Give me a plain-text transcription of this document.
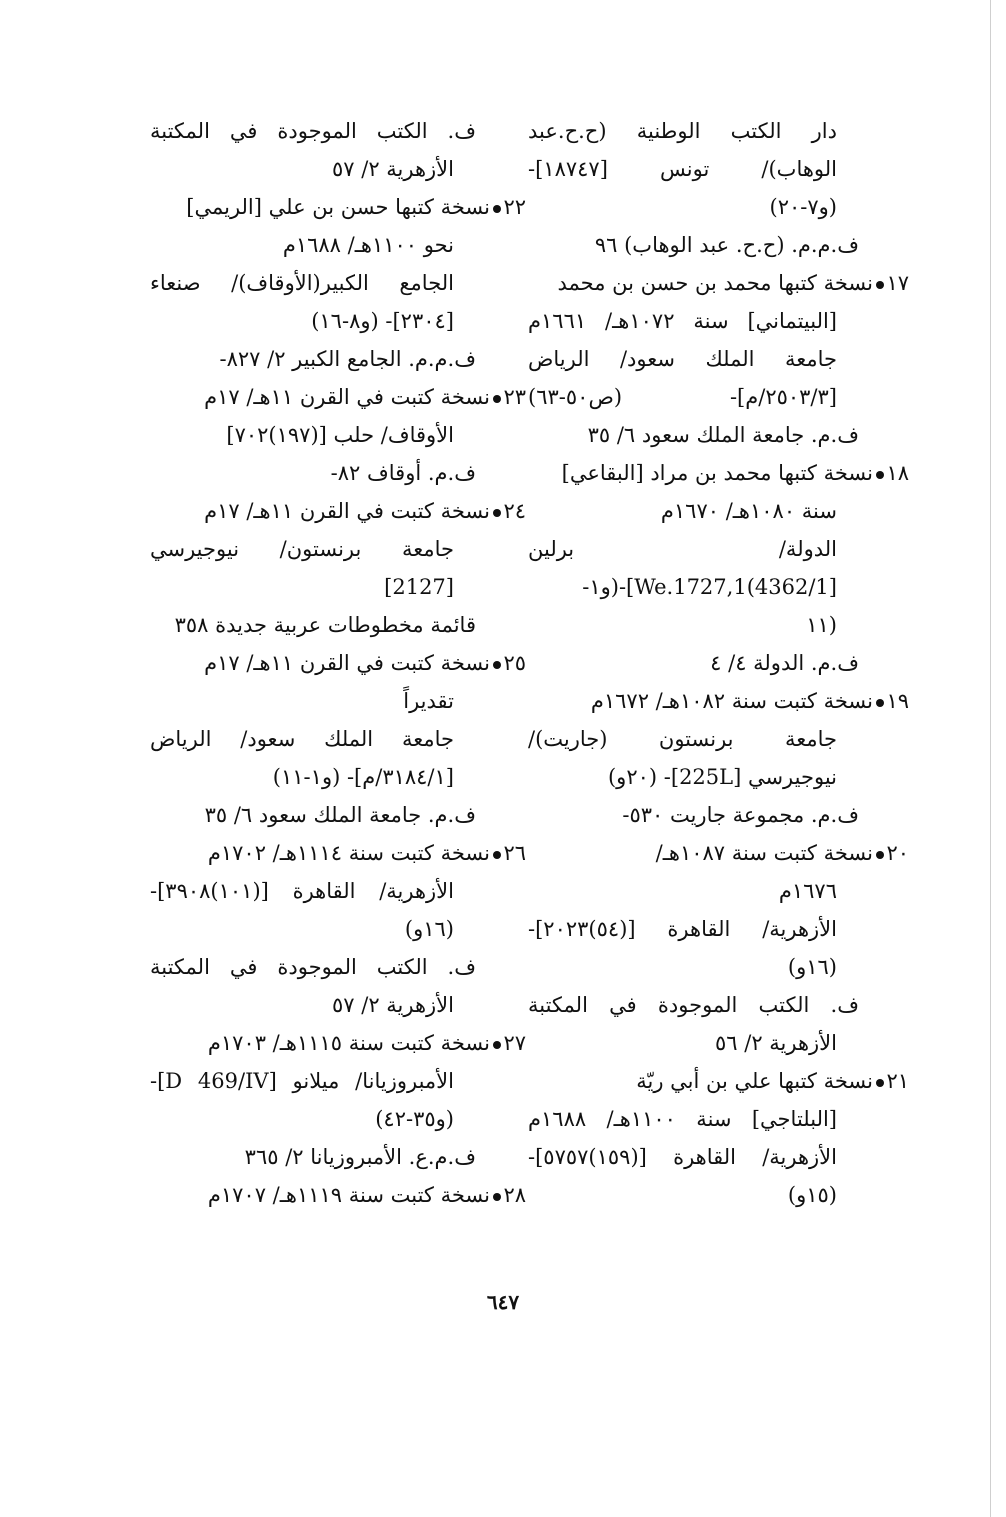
دار الكتب الوطنية (ح.ح.عبد
الوهاب)/ تونس [١٨٧٤٧]-
(و٧-٢٠)
ف.م.م. (ح.ح. عبد الوهاب) ٩٦
١٧نسخة كتبها محمد بن حسن بن محمد
[البيتماني] سنة ١٠٧٢هـ/ ١٦٦١م
جامعة الملك سعود/ الرياض
[٢٥٠٣/٣/م]- (ص٥٠-٦٣)
ف.م. جامعة الملك سعود ٦/ ٣٥
١٨نسخة كتبها محمد بن مراد [البقاعي]
سنة ١٠٨٠هـ/ ١٦٧٠م
الدولة/ برلين
[4362/1)We.1727,1]-(و١-
(١١
ف.م. الدولة ٤/ ٤
١٩نسخة كتبت سنة ١٠٨٢هـ/ ١٦٧٢م
جامعة برنستون (جاريت)/
نيوجيرسي [225L]- (٢٠و)
ف.م. مجموعة جاريت ٥٣٠-
٢٠نسخة كتبت سنة ١٠٨٧هـ/
١٦٧٦م
الأزهرية/ القاهرة [(٥٤)٢٠٢٣]-
(١٦و)
ف. الكتب الموجودة في المكتبة
الأزهرية ٢/ ٥٦
٢١نسخة كتبها علي بن أبي ريّة
[البلتاجي] سنة ١١٠٠هـ/ ١٦٨٨م
الأزهرية/ القاهرة [(١٥٩)٥٧٥٧]-
(١٥و)
ف. الكتب الموجودة في المكتبة
الأزهرية ٢/ ٥٧
٢٢نسخة كتبها حسن بن علي [الريمي]
نحو ١١٠٠هـ/ ١٦٨٨م
الجامع الكبير(الأوقاف)/ صنعاء
[٢٣٠٤]- (و٨-١٦)
ف.م.م. الجامع الكبير ٢/ ٨٢٧-
٢٣نسخة كتبت في القرن ١١هـ/ ١٧م
الأوقاف/ حلب [(١٩٧)٧٠٢]
ف.م. أوقاف ٨٢-
٢٤نسخة كتبت في القرن ١١هـ/ ١٧م
جامعة برنستون/ نيوجيرسي
[2127]
قائمة مخطوطات عربية جديدة ٣٥٨
٢٥نسخة كتبت في القرن ١١هـ/ ١٧م
تقديراً
جامعة الملك سعود/ الرياض
[٣١٨٤/١/م]- (و١-١١)
ف.م. جامعة الملك سعود ٦/ ٣٥
٢٦نسخة كتبت سنة ١١١٤هـ/ ١٧٠٢م
الأزهرية/ القاهرة [(١٠١)٣٩٠٨]-
(١٦و)
ف. الكتب الموجودة في المكتبة
الأزهرية ٢/ ٥٧
٢٧نسخة كتبت سنة ١١١٥هـ/ ١٧٠٣م
الأمبروزيانا/ ميلانو [D 469/IV]-
(و٣٥-٤٢)
ف.م.ع. الأمبروزيانا ٢/ ٣٦٥
٢٨نسخة كتبت سنة ١١١٩هـ/ ١٧٠٧م
٦٤٧
